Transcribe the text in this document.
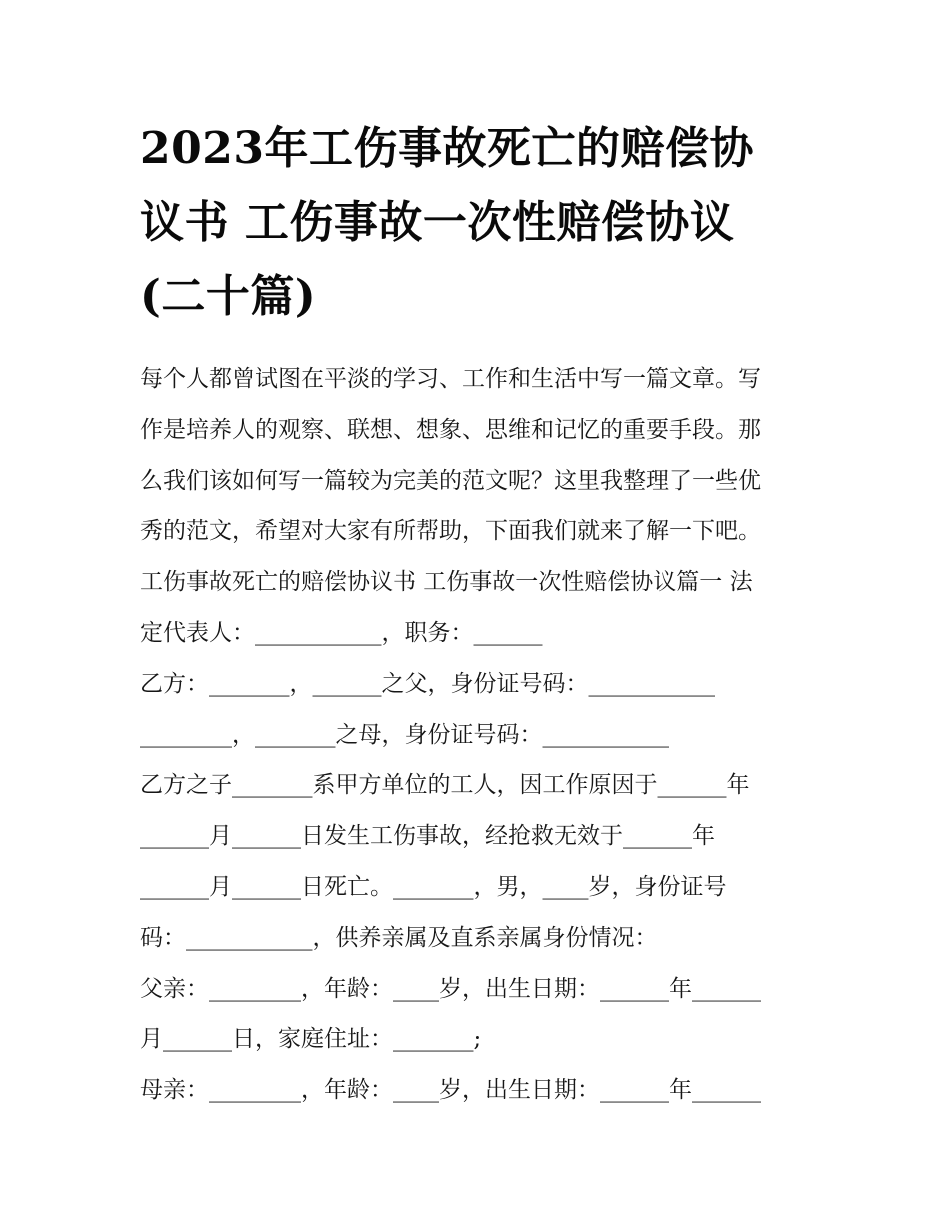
2023年工伤事故死亡的赔偿协
议书 工伤事故一次性赔偿协议
(二十篇)
每个人都曾试图在平淡的学习、工作和生活中写一篇文章。写
作是培养人的观察、联想、想象、思维和记忆的重要手段。那
么我们该如何写一篇较为完美的范文呢？这里我整理了一些优
秀的范文，希望对大家有所帮助，下面我们就来了解一下吧。
工伤事故死亡的赔偿协议书 工伤事故一次性赔偿协议篇一 法
定代表人：___________，职务：______
乙方：_______，______之父，身份证号码：___________
________，_______之母，身份证号码：___________
乙方之子_______系甲方单位的工人，因工作原因于______年
______月______日发生工伤事故，经抢救无效于______年
______月______日死亡。_______，男，____岁，身份证号
码：___________，供养亲属及直系亲属身份情况：
父亲：________，年龄：____岁，出生日期：______年______
月______日，家庭住址：_______;
母亲：________，年龄：____岁，出生日期：______年______
